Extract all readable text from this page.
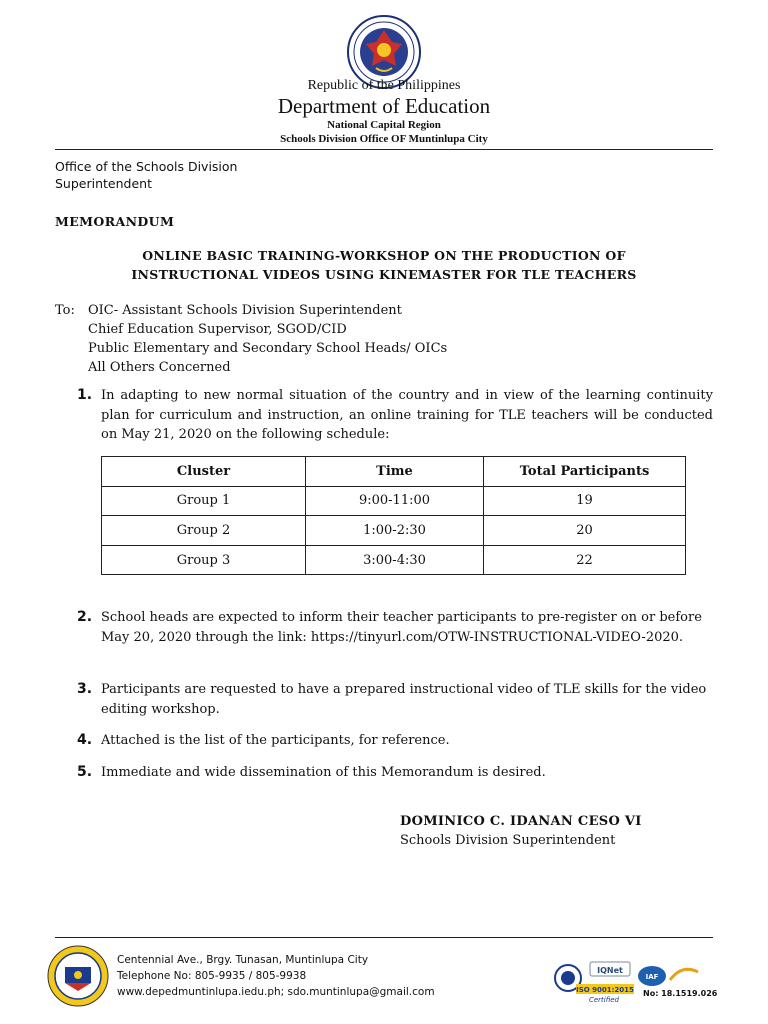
Republic of the Philippines
Department of Education
National Capital Region
Schools Division Office OF Muntinlupa City
Office of the Schools Division
Superintendent
MEMORANDUM
ONLINE BASIC TRAINING-WORKSHOP ON THE PRODUCTION OF
INSTRUCTIONAL VIDEOS USING KINEMASTER FOR TLE TEACHERS
To: OIC- Assistant Schools Division Superintendent
Chief Education Supervisor, SGOD/CID
Public Elementary and Secondary School Heads/ OICs
All Others Concerned
1. In adapting to new normal situation of the country and in view of the learning continuity plan for curriculum and instruction, an online training for TLE teachers will be conducted on May 21, 2020 on the following schedule:
Cluster	Time	Total Participants
Group 1	9:00-11:00	19
Group 2	1:00-2:30	20
Group 3	3:00-4:30	22
2. School heads are expected to inform their teacher participants to pre-register on or before May 20, 2020 through the link: https://tinyurl.com/OTW-INSTRUCTIONAL-VIDEO-2020.
3. Participants are requested to have a prepared instructional video of TLE skills for the video editing workshop.
4. Attached is the list of the participants, for reference.
5. Immediate and wide dissemination of this Memorandum is desired.
DOMINICO C. IDANAN CESO VI
Schools Division Superintendent
Centennial Ave., Brgy. Tunasan, Muntinlupa City
Telephone No: 805-9935 / 805-9938
www.depedmuntinlupa.iedu.ph; sdo.muntinlupa@gmail.com
IQNet
IAF
ISO 9001:2015
Certified
No: 18.1519.026
